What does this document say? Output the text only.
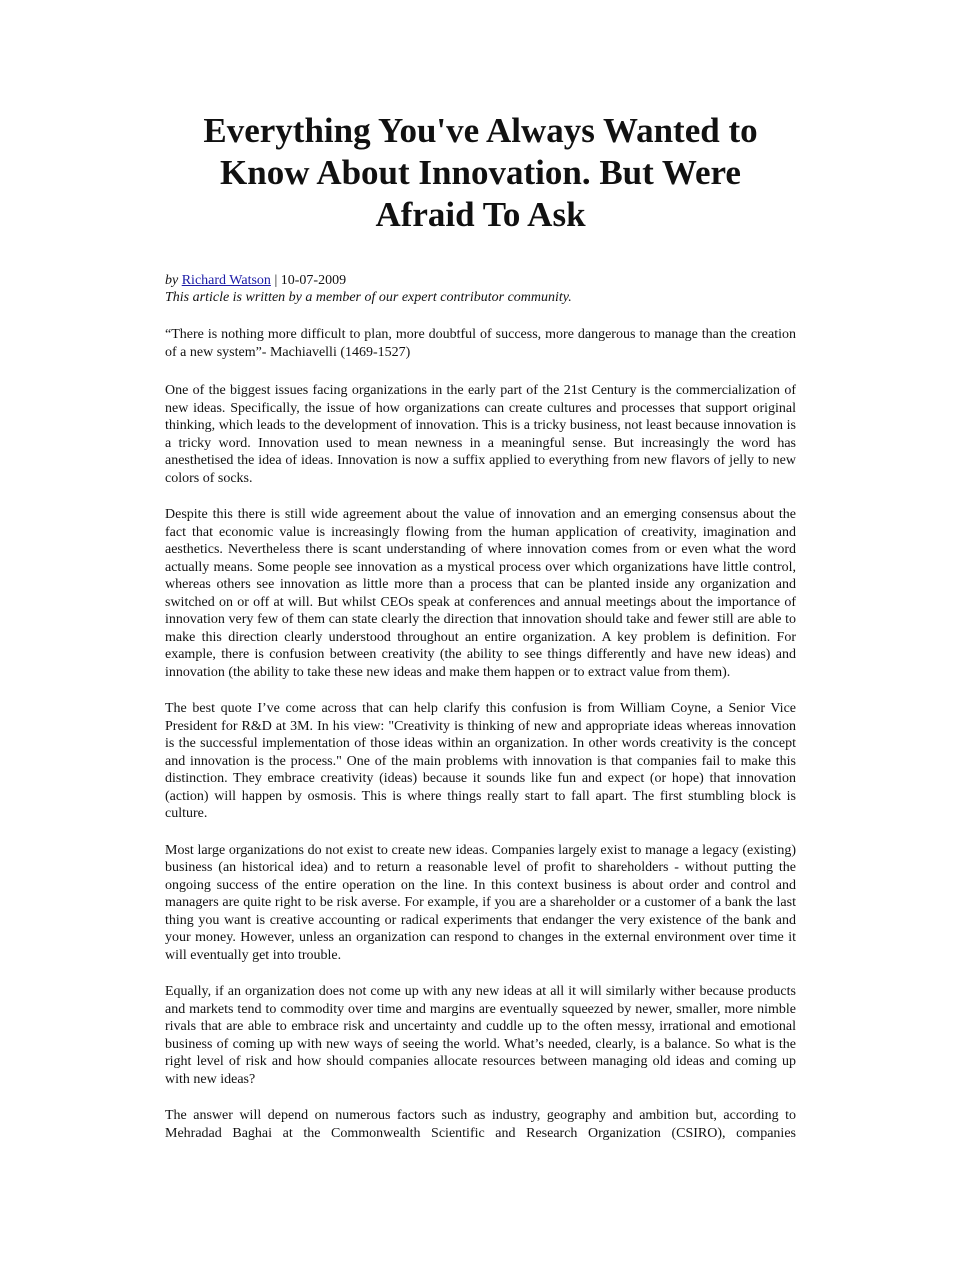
Everything You've Always Wanted to
Know About Innovation. But Were
Afraid To Ask
by Richard Watson | 10-07-2009
This article is written by a member of our expert contributor community.

“There is nothing more difficult to plan, more doubtful of success, more dangerous to manage than the creation of a new system”- Machiavelli (1469-1527)

One of the biggest issues facing organizations in the early part of the 21st Century is the commercialization of new ideas. Specifically, the issue of how organizations can create cultures and processes that support original thinking, which leads to the development of innovation. This is a tricky business, not least because innovation is a tricky word. Innovation used to mean newness in a meaningful sense. But increasingly the word has anesthetised the idea of ideas. Innovation is now a suffix applied to everything from new flavors of jelly to new colors of socks.

Despite this there is still wide agreement about the value of innovation and an emerging consensus about the fact that economic value is increasingly flowing from the human application of creativity, imagination and aesthetics. Nevertheless there is scant understanding of where innovation comes from or even what the word actually means. Some people see innovation as a mystical process over which organizations have little control, whereas others see innovation as little more than a process that can be planted inside any organization and switched on or off at will. But whilst CEOs speak at conferences and annual meetings about the importance of innovation very few of them can state clearly the direction that innovation should take and fewer still are able to make this direction clearly understood throughout an entire organization. A key problem is definition. For example, there is confusion between creativity (the ability to see things differently and have new ideas) and innovation (the ability to take these new ideas and make them happen or to extract value from them).

The best quote I’ve come across that can help clarify this confusion is from William Coyne, a Senior Vice President for R&D at 3M. In his view: "Creativity is thinking of new and appropriate ideas whereas innovation is the successful implementation of those ideas within an organization. In other words creativity is the concept and innovation is the process." One of the main problems with innovation is that companies fail to make this distinction. They embrace creativity (ideas) because it sounds like fun and expect (or hope) that innovation (action) will happen by osmosis. This is where things really start to fall apart. The first stumbling block is culture.

Most large organizations do not exist to create new ideas. Companies largely exist to manage a legacy (existing) business (an historical idea) and to return a reasonable level of profit to shareholders - without putting the ongoing success of the entire operation on the line. In this context business is about order and control and managers are quite right to be risk averse. For example, if you are a shareholder or a customer of a bank the last thing you want is creative accounting or radical experiments that endanger the very existence of the bank and your money. However, unless an organization can respond to changes in the external environment over time it will eventually get into trouble.

Equally, if an organization does not come up with any new ideas at all it will similarly wither because products and markets tend to commodity over time and margins are eventually squeezed by newer, smaller, more nimble rivals that are able to embrace risk and uncertainty and cuddle up to the often messy, irrational and emotional business of coming up with new ways of seeing the world. What’s needed, clearly, is a balance. So what is the right level of risk and how should companies allocate resources between managing old ideas and coming up with new ideas?

The answer will depend on numerous factors such as industry, geography and ambition but, according to Mehradad Baghai at the Commonwealth Scientific and Research Organization (CSIRO), companies
